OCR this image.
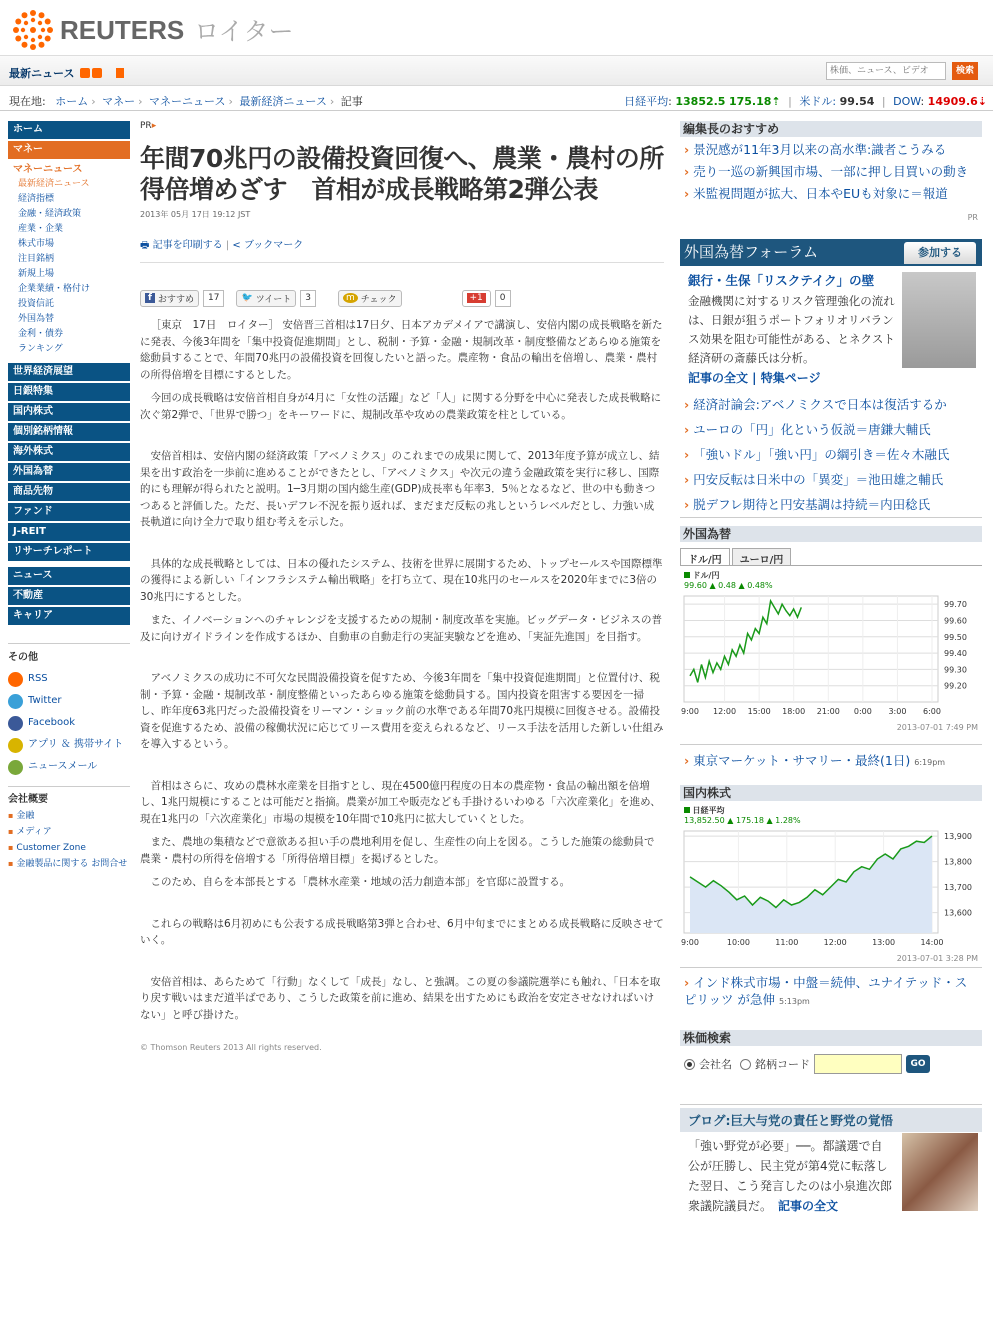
REUTERS ロイター
最新ニュース
株価、ニュース、ビデオ	検索
現在地: ホーム › マネー › マネーニュース › 最新経済ニュース › 記事	日経平均: 13852.5 175.18⇡ | 米ドル: 99.54 | DOW: 14909.6⇣
ホーム
マネー
マネーニュース
最新経済ニュース
経済指標
金融・経済政策
産業・企業
株式市場
注目銘柄
新規上場
企業業績・格付け
投資信託
外国為替
金利・債券
ランキング
世界経済展望
日銀特集
国内株式
個別銘柄情報
海外株式
外国為替
商品先物
ファンド
J-REIT
リサーチレポート
ニュース
不動産
キャリア
その他
RSS
Twitter
Facebook
アプリ ＆ 携帯サイト
ニュースメール
会社概要
▪ 金融
▪ メディア
▪ Customer Zone
▪ 金融製品に関する お問合せ
PR▸
年間70兆円の設備投資回復へ、農業・農村の所得倍増めざす　首相が成長戦略第2弾公表
2013年 05月 17日 19:12 JST
🖶 記事を印刷する | < ブックマーク
f おすすめ	17	🐦 ツイート	3	m チェック	+1	0

［東京　17日　ロイター］ 安倍晋三首相は17日夕、日本アカデメイアで講演し、安倍内閣の成長戦略を新たに発表、今後3年間を「集中投資促進期間」とし、税制・予算・金融・規制改革・制度整備などあらゆる施策を総動員することで、年間70兆円の設備投資を回復したいと語った。農産物・食品の輸出を倍増し、農業・農村の所得倍増を目標にするとした。

今回の成長戦略は安倍首相自身が4月に「女性の活躍」など「人」に関する分野を中心に発表した成長戦略に次ぐ第2弾で、「世界で勝つ」をキーワードに、規制改革や攻めの農業政策を柱としている。

安倍首相は、安倍内閣の経済政策「アベノミクス」のこれまでの成果に関して、2013年度予算が成立し、結果を出す政治を一歩前に進めることができたとし、「アベノミクス」や次元の違う金融政策を実行に移し、国際的にも理解が得られたと説明。1─3月期の国内総生産(GDP)成長率も年率3．5％となるなど、世の中も動きつつあると評価した。ただ、長いデフレ不況を振り返れば、まだまだ反転の兆しというレベルだとし、力強い成長軌道に向け全力で取り組む考えを示した。

具体的な成長戦略としては、日本の優れたシステム、技術を世界に展開するため、トップセールスや国際標準の獲得による新しい「インフラシステム輸出戦略」を打ち立て、現在10兆円のセールスを2020年までに3倍の30兆円にするとした。

また、イノベーションへのチャレンジを支援するための規制・制度改革を実施。ビッグデータ・ビジネスの普及に向けガイドラインを作成するほか、自動車の自動走行の実証実験などを進め、「実証先進国」を目指す。

アベノミクスの成功に不可欠な民間設備投資を促すため、今後3年間を「集中投資促進期間」と位置付け、税制・予算・金融・規制改革・制度整備といったあらゆる施策を総動員する。国内投資を阻害する要因を一掃し、昨年度63兆円だった設備投資をリーマン・ショック前の水準である年間70兆円規模に回復させる。設備投資を促進するため、設備の稼働状況に応じてリース費用を変えられるなど、リース手法を活用した新しい仕組みを導入するという。

首相はさらに、攻めの農林水産業を目指すとし、現在4500億円程度の日本の農産物・食品の輸出額を倍増し、1兆円規模にすることは可能だと指摘。農業が加工や販売なども手掛けるいわゆる「六次産業化」を進め、現在1兆円の「六次産業化」市場の規模を10年間で10兆円に拡大していくとした。

また、農地の集積などで意欲ある担い手の農地利用を促し、生産性の向上を図る。こうした施策の総動員で農業・農村の所得を倍増する「所得倍増目標」を掲げるとした。

このため、自らを本部長とする「農林水産業・地域の活力創造本部」を官邸に設置する。

これらの戦略は6月初めにも公表する成長戦略第3弾と合わせ、6月中旬までにまとめる成長戦略に反映させていく。

安倍首相は、あらためて「行動」なくして「成長」なし、と強調。この夏の参議院選挙にも触れ、「日本を取り戻す戦いはまだ道半ばであり、こうした政策を前に進め、結果を出すためにも政治を安定させなければいけない」と呼び掛けた。

© Thomson Reuters 2013 All rights reserved.
編集長のおすすめ
› 景況感が11年3月以来の高水準:識者こうみる
› 売り一巡の新興国市場、一部に押し目買いの動き
› 米監視問題が拡大、日本やEUも対象に＝報道
PR
外国為替フォーラム	参加する
銀行・生保「リスクテイク」の壁
金融機関に対するリスク管理強化の流れは、日銀が狙うポートフォリオリバランス効果を阻む可能性がある、とネクスト経済研の斎藤氏は分析。
記事の全文 | 特集ページ
› 経済討論会:アベノミクスで日本は復活するか
› ユーロの「円」化という仮説＝唐鎌大輔氏
› 「強いドル」「強い円」の綱引き＝佐々木融氏
› 円安反転は日米中の「異変」＝池田雄之輔氏
› 脱デフレ期待と円安基調は持続＝内田稔氏
外国為替
ドル/円	ユーロ/円
ドル/円
99.60 ▲ 0.48 ▲ 0.48%
99.20
99.30
99.40
99.50
99.60
99.70
9:00 12:00 15:00 18:00 21:00 0:00 3:00 6:00
2013-07-01 7:49 PM
› 東京マーケット・サマリー・最終(1日) 6:19pm
国内株式
日経平均
13,852.50 ▲ 175.18 ▲ 1.28%
13,600
13,700
13,800
13,900
9:00	10:00	11:00	12:00	13:00	14:00
2013-07-01 3:28 PM
› インド株式市場・中盤＝続伸、ユナイテッド・スピリッツ が急伸 5:13pm
株価検索
会社名 銘柄コード	GO
ブログ:巨大与党の責任と野党の覚悟
「強い野党が必要」──。都議選で自公が圧勝し、民主党が第4党に転落した翌日、こう発言したのは小泉進次郎衆議院議員だ。　 記事の全文
